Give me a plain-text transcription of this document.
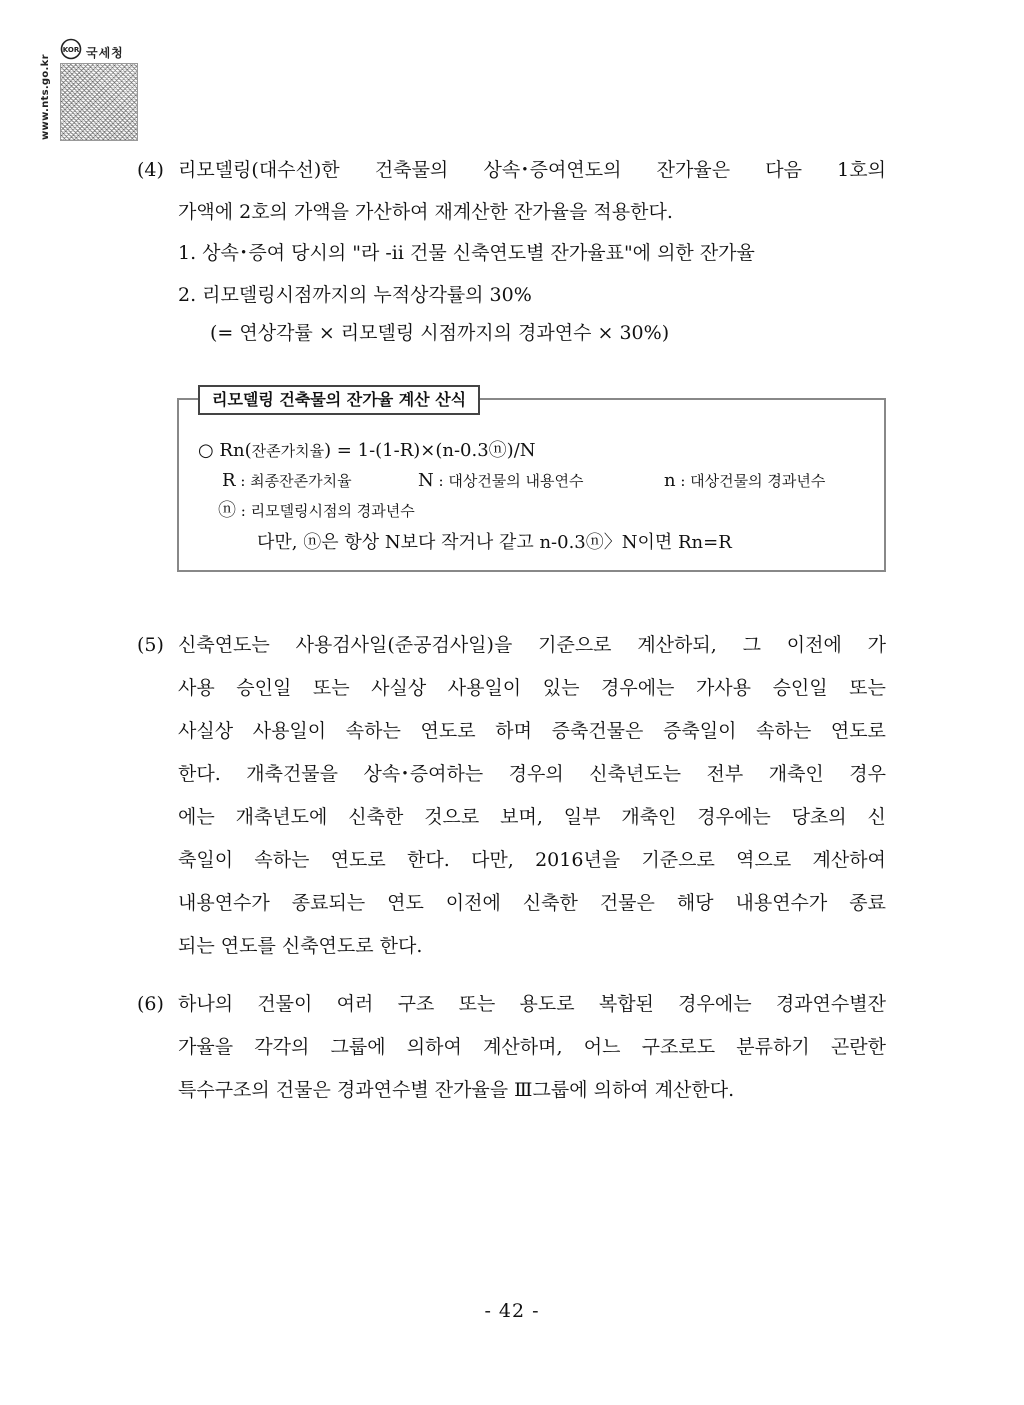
www.nts.go.kr
KOR 국세청
(4) 리모델링(대수선)한 건축물의 상속･증여연도의 잔가율은 다음 1호의
가액에 2호의 가액을 가산하여 재계산한 잔가율을 적용한다.
1. 상속･증여 당시의 "라 -ⅱ 건물 신축연도별 잔가율표"에 의한 잔가율
2. 리모델링시점까지의 누적상각률의 30%
(= 연상각률 × 리모델링 시점까지의 경과연수 × 30%)
리모델링 건축물의 잔가율 계산 산식
○ Rn(잔존가치율) = 1-(1-R)×(n-0.3ⓝ)/N
R : 최종잔존가치율	N : 대상건물의 내용연수	n : 대상건물의 경과년수
ⓝ : 리모델링시점의 경과년수
다만, ⓝ은 항상 N보다 작거나 같고 n-0.3ⓝ〉N이면 Rn=R
(5) 신축연도는 사용검사일(준공검사일)을 기준으로 계산하되, 그 이전에 가
사용 승인일 또는 사실상 사용일이 있는 경우에는 가사용 승인일 또는
사실상 사용일이 속하는 연도로 하며 증축건물은 증축일이 속하는 연도로
한다. 개축건물을 상속･증여하는 경우의 신축년도는 전부 개축인 경우
에는 개축년도에 신축한 것으로 보며, 일부 개축인 경우에는 당초의 신
축일이 속하는 연도로 한다. 다만, 2016년을 기준으로 역으로 계산하여
내용연수가 종료되는 연도 이전에 신축한 건물은 해당 내용연수가 종료
되는 연도를 신축연도로 한다.
(6) 하나의 건물이 여러 구조 또는 용도로 복합된 경우에는 경과연수별잔
가율을 각각의 그룹에 의하여 계산하며, 어느 구조로도 분류하기 곤란한
특수구조의 건물은 경과연수별 잔가율을 Ⅲ그룹에 의하여 계산한다.
- 42 -
